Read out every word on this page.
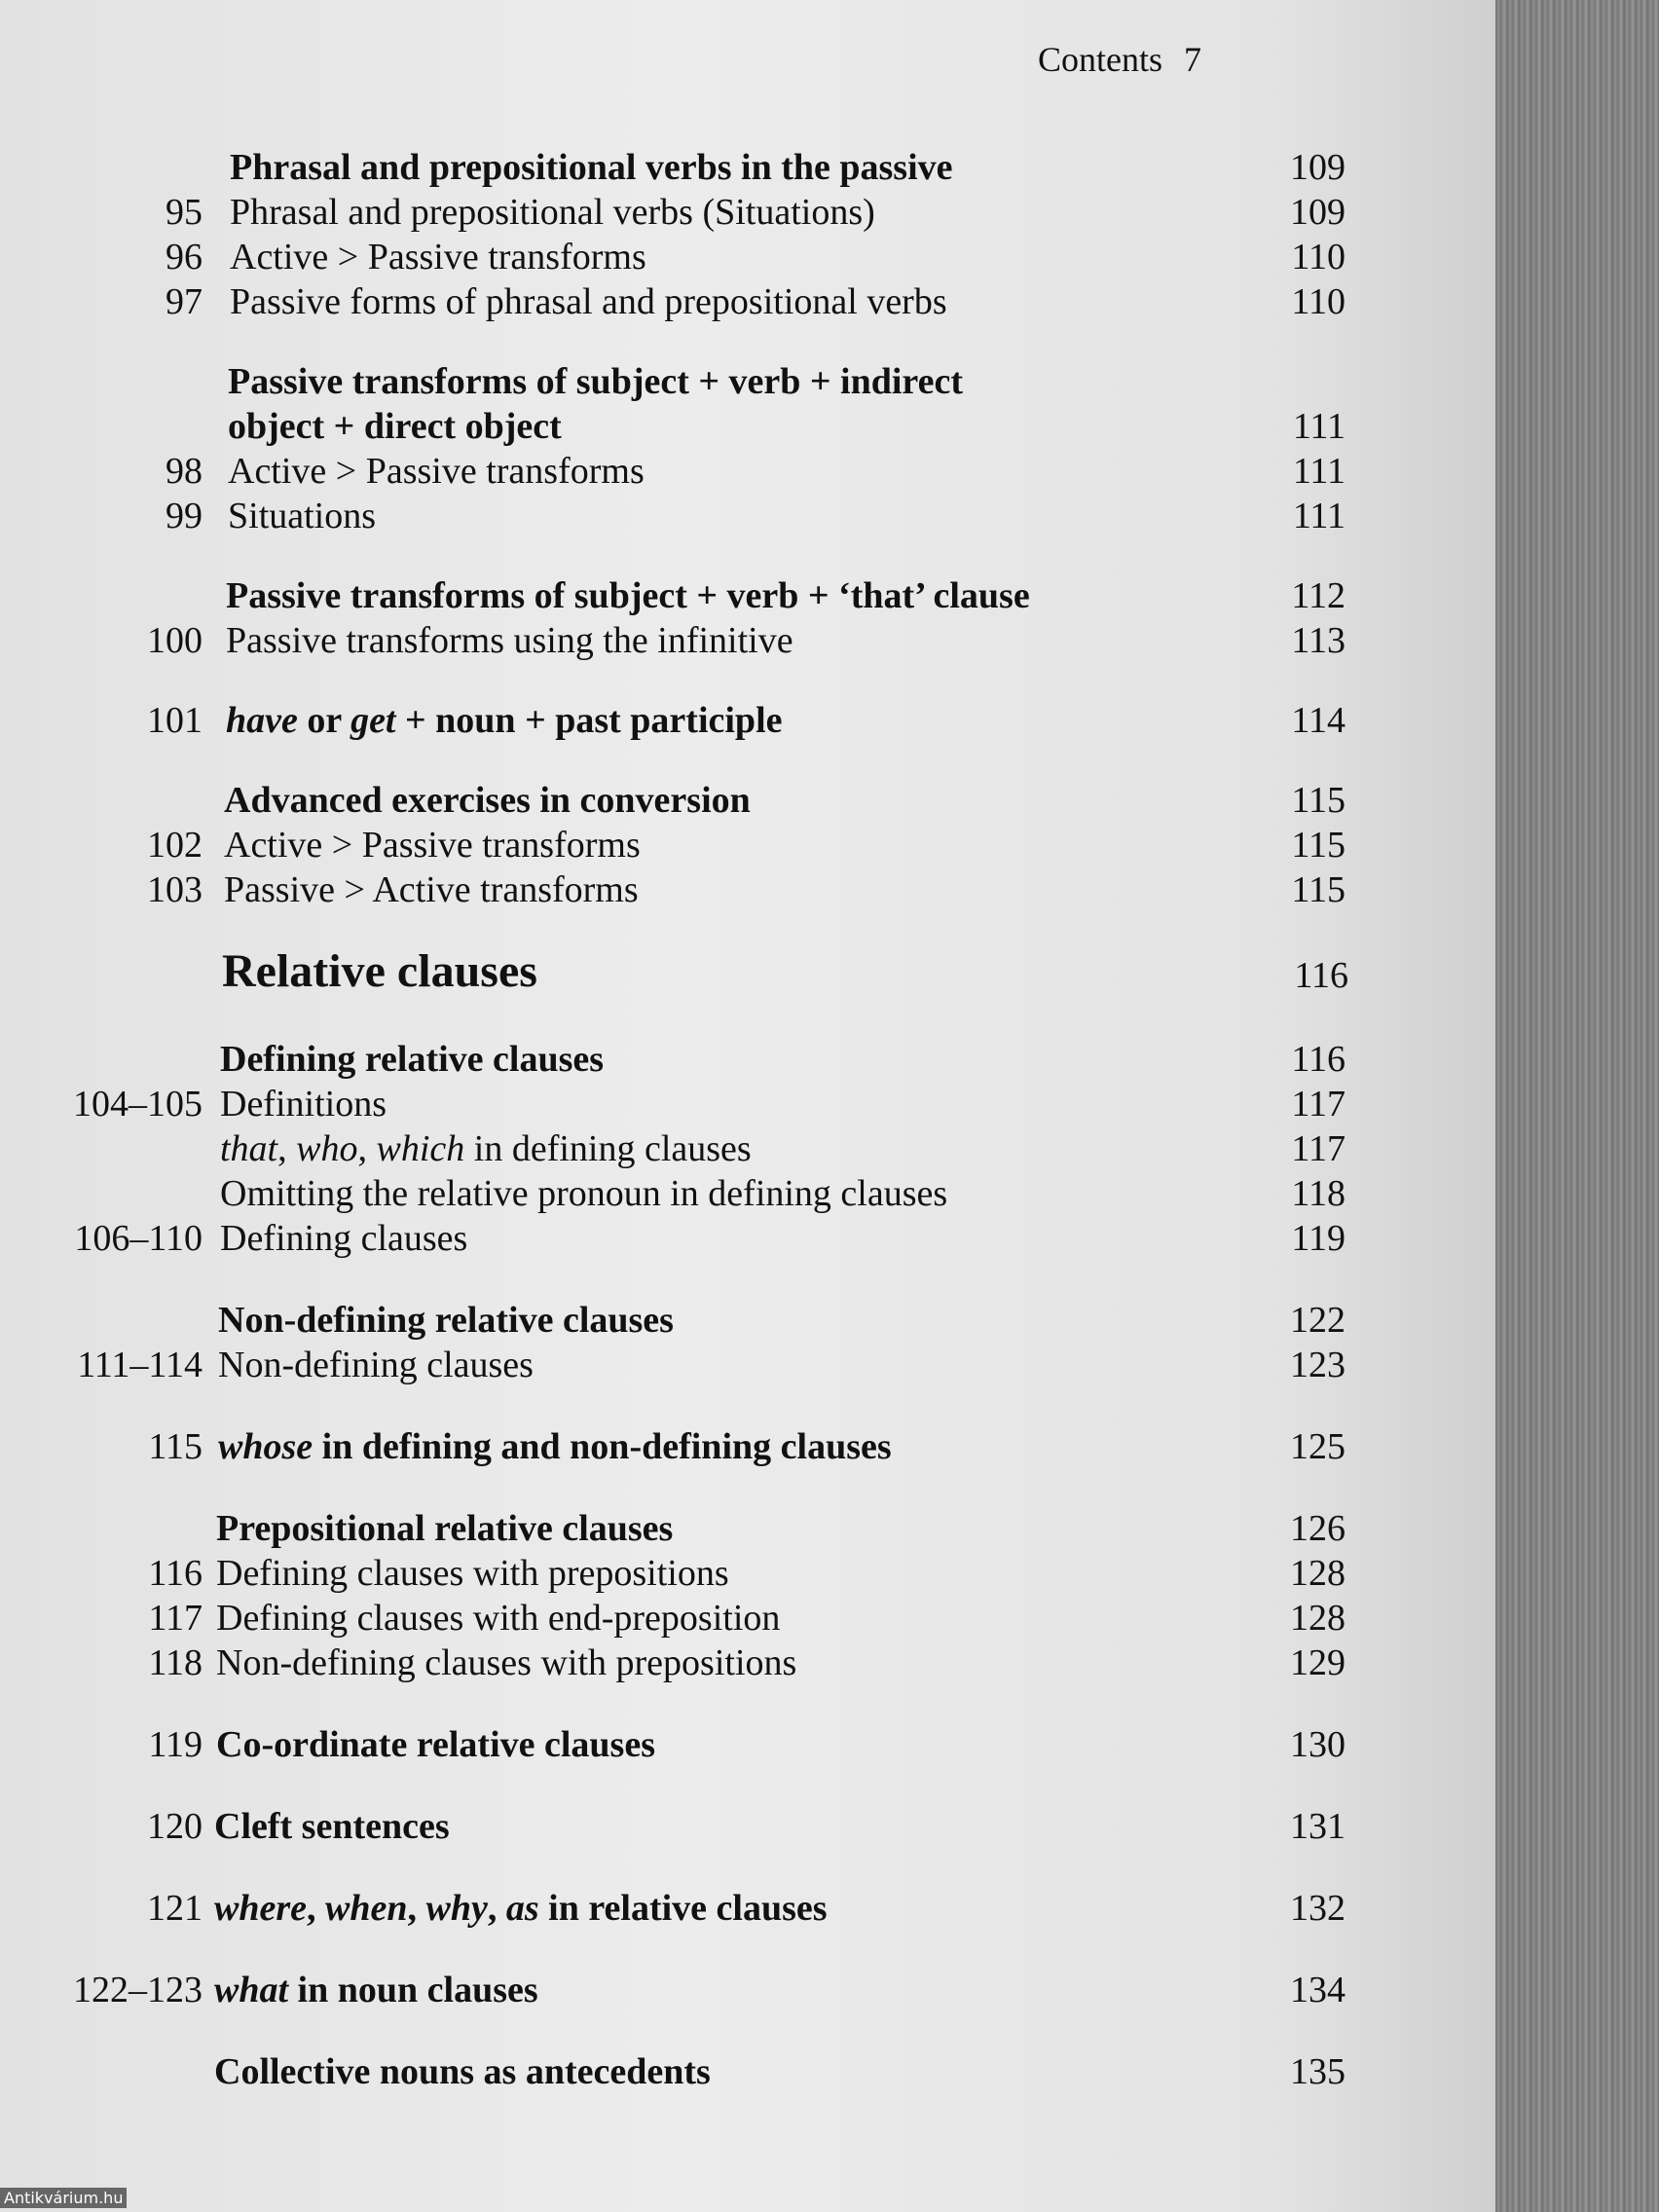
Contents 7
Phrasal and prepositional verbs in the passive	109
95 Phrasal and prepositional verbs (Situations)	109
96 Active > Passive transforms	110
97 Passive forms of phrasal and prepositional verbs	110
Passive transforms of subject + verb + indirect
object + direct object	111
98 Active > Passive transforms	111
99 Situations	111
Passive transforms of subject + verb + ‘that’ clause	112
100 Passive transforms using the infinitive	113
101 have or get + noun + past participle	114
Advanced exercises in conversion	115
102 Active > Passive transforms	115
103 Passive > Active transforms	115
Relative clauses	116
Defining relative clauses	116
104–105 Definitions	117
that, who, which in defining clauses	117
Omitting the relative pronoun in defining clauses	118
106–110 Defining clauses	119
Non-defining relative clauses	122
111–114 Non-defining clauses	123
115 whose in defining and non-defining clauses	125
Prepositional relative clauses	126
116 Defining clauses with prepositions	128
117 Defining clauses with end-preposition	128
118 Non-defining clauses with prepositions	129
119 Co-ordinate relative clauses	130
120 Cleft sentences	131
121 where, when, why, as in relative clauses	132
122–123 what in noun clauses	134
Collective nouns as antecedents	135
Antikvárium.hu
